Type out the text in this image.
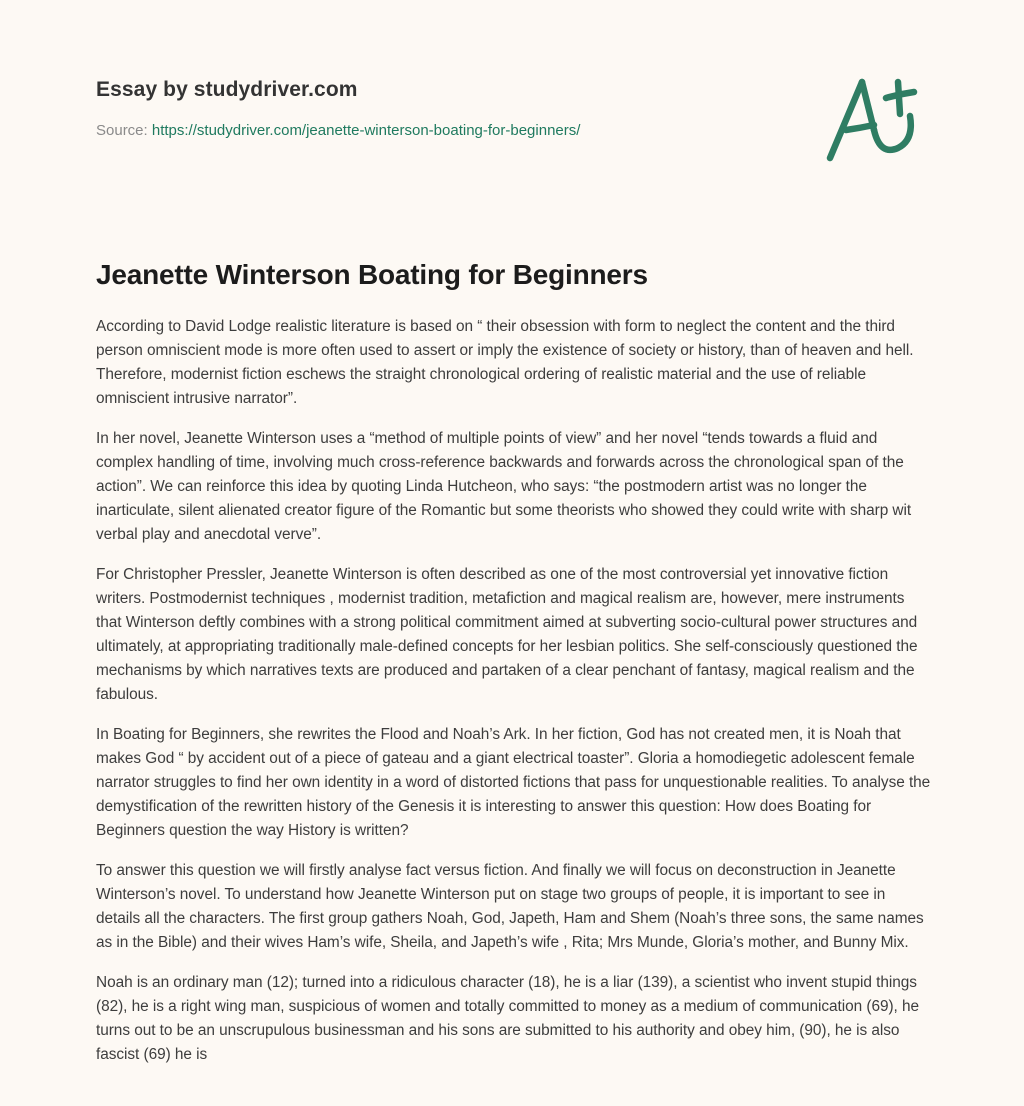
Essay by studydriver.com
Source: https://studydriver.com/jeanette-winterson-boating-for-beginners/
Jeanette Winterson Boating for Beginners

According to David Lodge realistic literature is based on “ their obsession with form to neglect the content and the third person omniscient mode is more often used to assert or imply the existence of society or history, than of heaven and hell. Therefore, modernist fiction eschews the straight chronological ordering of realistic material and the use of reliable omniscient intrusive narrator”.

In her novel, Jeanette Winterson uses a “method of multiple points of view” and her novel “tends towards a fluid and complex handling of time, involving much cross-reference backwards and forwards across the chronological span of the action”. We can reinforce this idea by quoting Linda Hutcheon, who says: “the postmodern artist was no longer the inarticulate, silent alienated creator figure of the Romantic but some theorists who showed they could write with sharp wit verbal play and anecdotal verve”.

For Christopher Pressler, Jeanette Winterson is often described as one of the most controversial yet innovative fiction writers. Postmodernist techniques , modernist tradition, metafiction and magical realism are, however, mere instruments that Winterson deftly combines with a strong political commitment aimed at subverting socio-cultural power structures and ultimately, at appropriating traditionally male-defined concepts for her lesbian politics. She self-consciously questioned the mechanisms by which narratives texts are produced and partaken of a clear penchant of fantasy, magical realism and the fabulous.

In Boating for Beginners, she rewrites the Flood and Noah’s Ark. In her fiction, God has not created men, it is Noah that makes God “ by accident out of a piece of gateau and a giant electrical toaster”. Gloria a homodiegetic adolescent female narrator struggles to find her own identity in a word of distorted fictions that pass for unquestionable realities. To analyse the demystification of the rewritten history of the Genesis it is interesting to answer this question: How does Boating for Beginners question the way History is written?

To answer this question we will firstly analyse fact versus fiction. And finally we will focus on deconstruction in Jeanette Winterson’s novel. To understand how Jeanette Winterson put on stage two groups of people, it is important to see in details all the characters. The first group gathers Noah, God, Japeth, Ham and Shem (Noah’s three sons, the same names as in the Bible) and their wives Ham’s wife, Sheila, and Japeth’s wife , Rita; Mrs Munde, Gloria’s mother, and Bunny Mix.

Noah is an ordinary man (12); turned into a ridiculous character (18), he is a liar (139), a scientist who invent stupid things (82), he is a right wing man, suspicious of women and totally committed to money as a medium of communication (69), he turns out to be an unscrupulous businessman and his sons are submitted to his authority and obey him, (90), he is also fascist (69) he is
